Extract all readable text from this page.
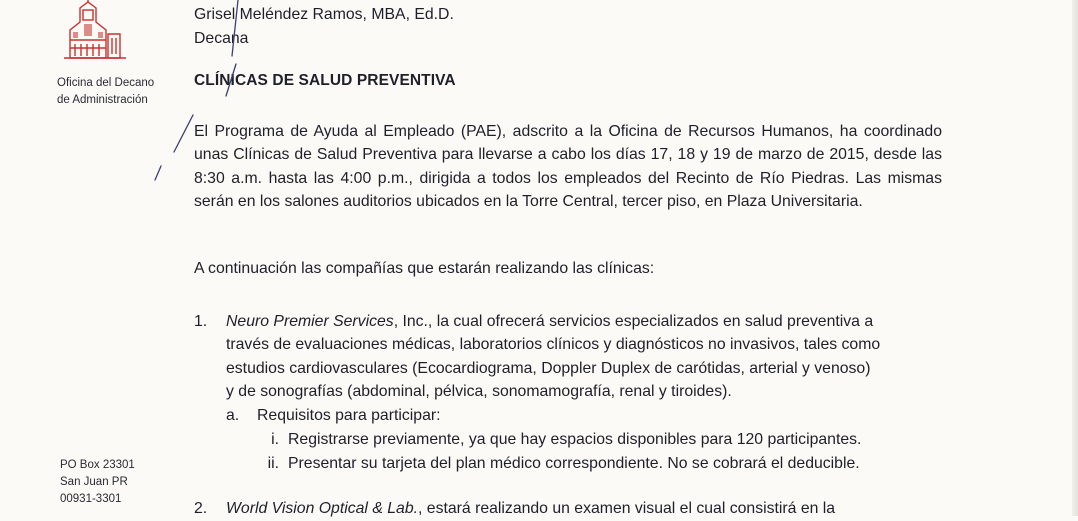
Oficina del Decano
de Administración
PO Box 23301
San Juan PR
00931-3301
Grisel Meléndez Ramos, MBA, Ed.D.
Decana
CLÍNICAS DE SALUD PREVENTIVA
El Programa de Ayuda al Empleado (PAE), adscrito a la Oficina de Recursos Humanos, ha coordinado unas Clínicas de Salud Preventiva para llevarse a cabo los días 17, 18 y 19 de marzo de 2015, desde las 8:30 a.m. hasta las 4:00 p.m., dirigida a todos los empleados del Recinto de Río Piedras. Las mismas serán en los salones auditorios ubicados en la Torre Central, tercer piso, en Plaza Universitaria.
A continuación las compañías que estarán realizando las clínicas:
1. Neuro Premier Services, Inc., la cual ofrecerá servicios especializados en salud preventiva a
través de evaluaciones médicas, laboratorios clínicos y diagnósticos no invasivos, tales como
estudios cardiovasculares (Ecocardiograma, Doppler Duplex de carótidas, arterial y venoso)
y de sonografías (abdominal, pélvica, sonomamografía, renal y tiroides).
a. Requisitos para participar:
i. Registrarse previamente, ya que hay espacios disponibles para 120 participantes.
ii. Presentar su tarjeta del plan médico correspondiente. No se cobrará el deducible.
2. World Vision Optical & Lab., estará realizando un examen visual el cual consistirá en la
